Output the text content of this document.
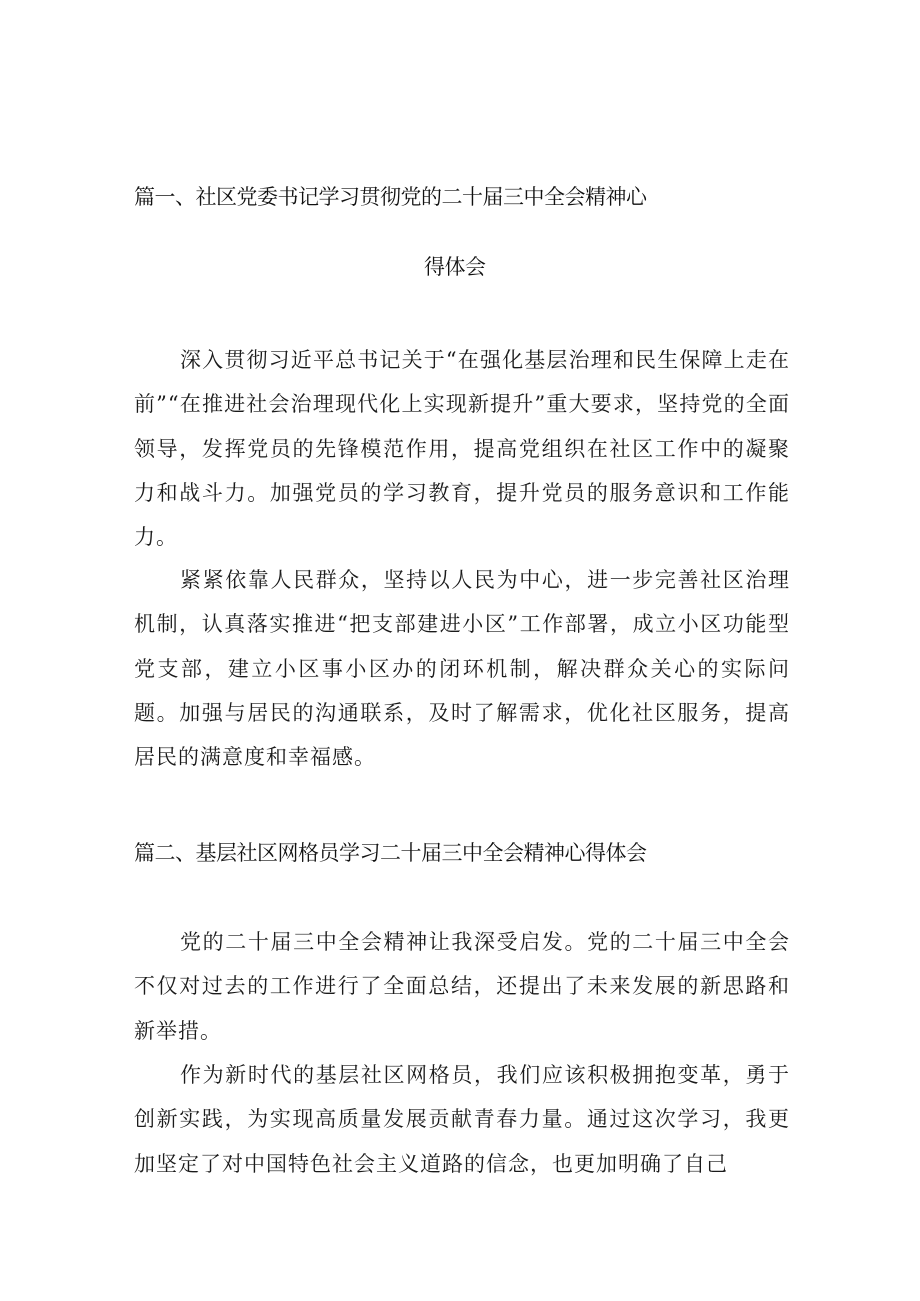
篇一、社区党委书记学习贯彻党的二十届三中全会精神心
得体会

深入贯彻习近平总书记关于“在强化基层治理和民生保障上走在前”“在推进社会治理现代化上实现新提升”重大要求，坚持党的全面领导，发挥党员的先锋模范作用，提高党组织在社区工作中的凝聚力和战斗力。加强党员的学习教育，提升党员的服务意识和工作能力。

紧紧依靠人民群众，坚持以人民为中心，进一步完善社区治理机制，认真落实推进“把支部建进小区”工作部署，成立小区功能型党支部，建立小区事小区办的闭环机制，解决群众关心的实际问题。加强与居民的沟通联系，及时了解需求，优化社区服务，提高居民的满意度和幸福感。

篇二、基层社区网格员学习二十届三中全会精神心得体会

党的二十届三中全会精神让我深受启发。党的二十届三中全会不仅对过去的工作进行了全面总结，还提出了未来发展的新思路和新举措。

作为新时代的基层社区网格员，我们应该积极拥抱变革，勇于创新实践，为实现高质量发展贡献青春力量。通过这次学习，我更加坚定了对中国特色社会主义道路的信念，也更加明确了自己
